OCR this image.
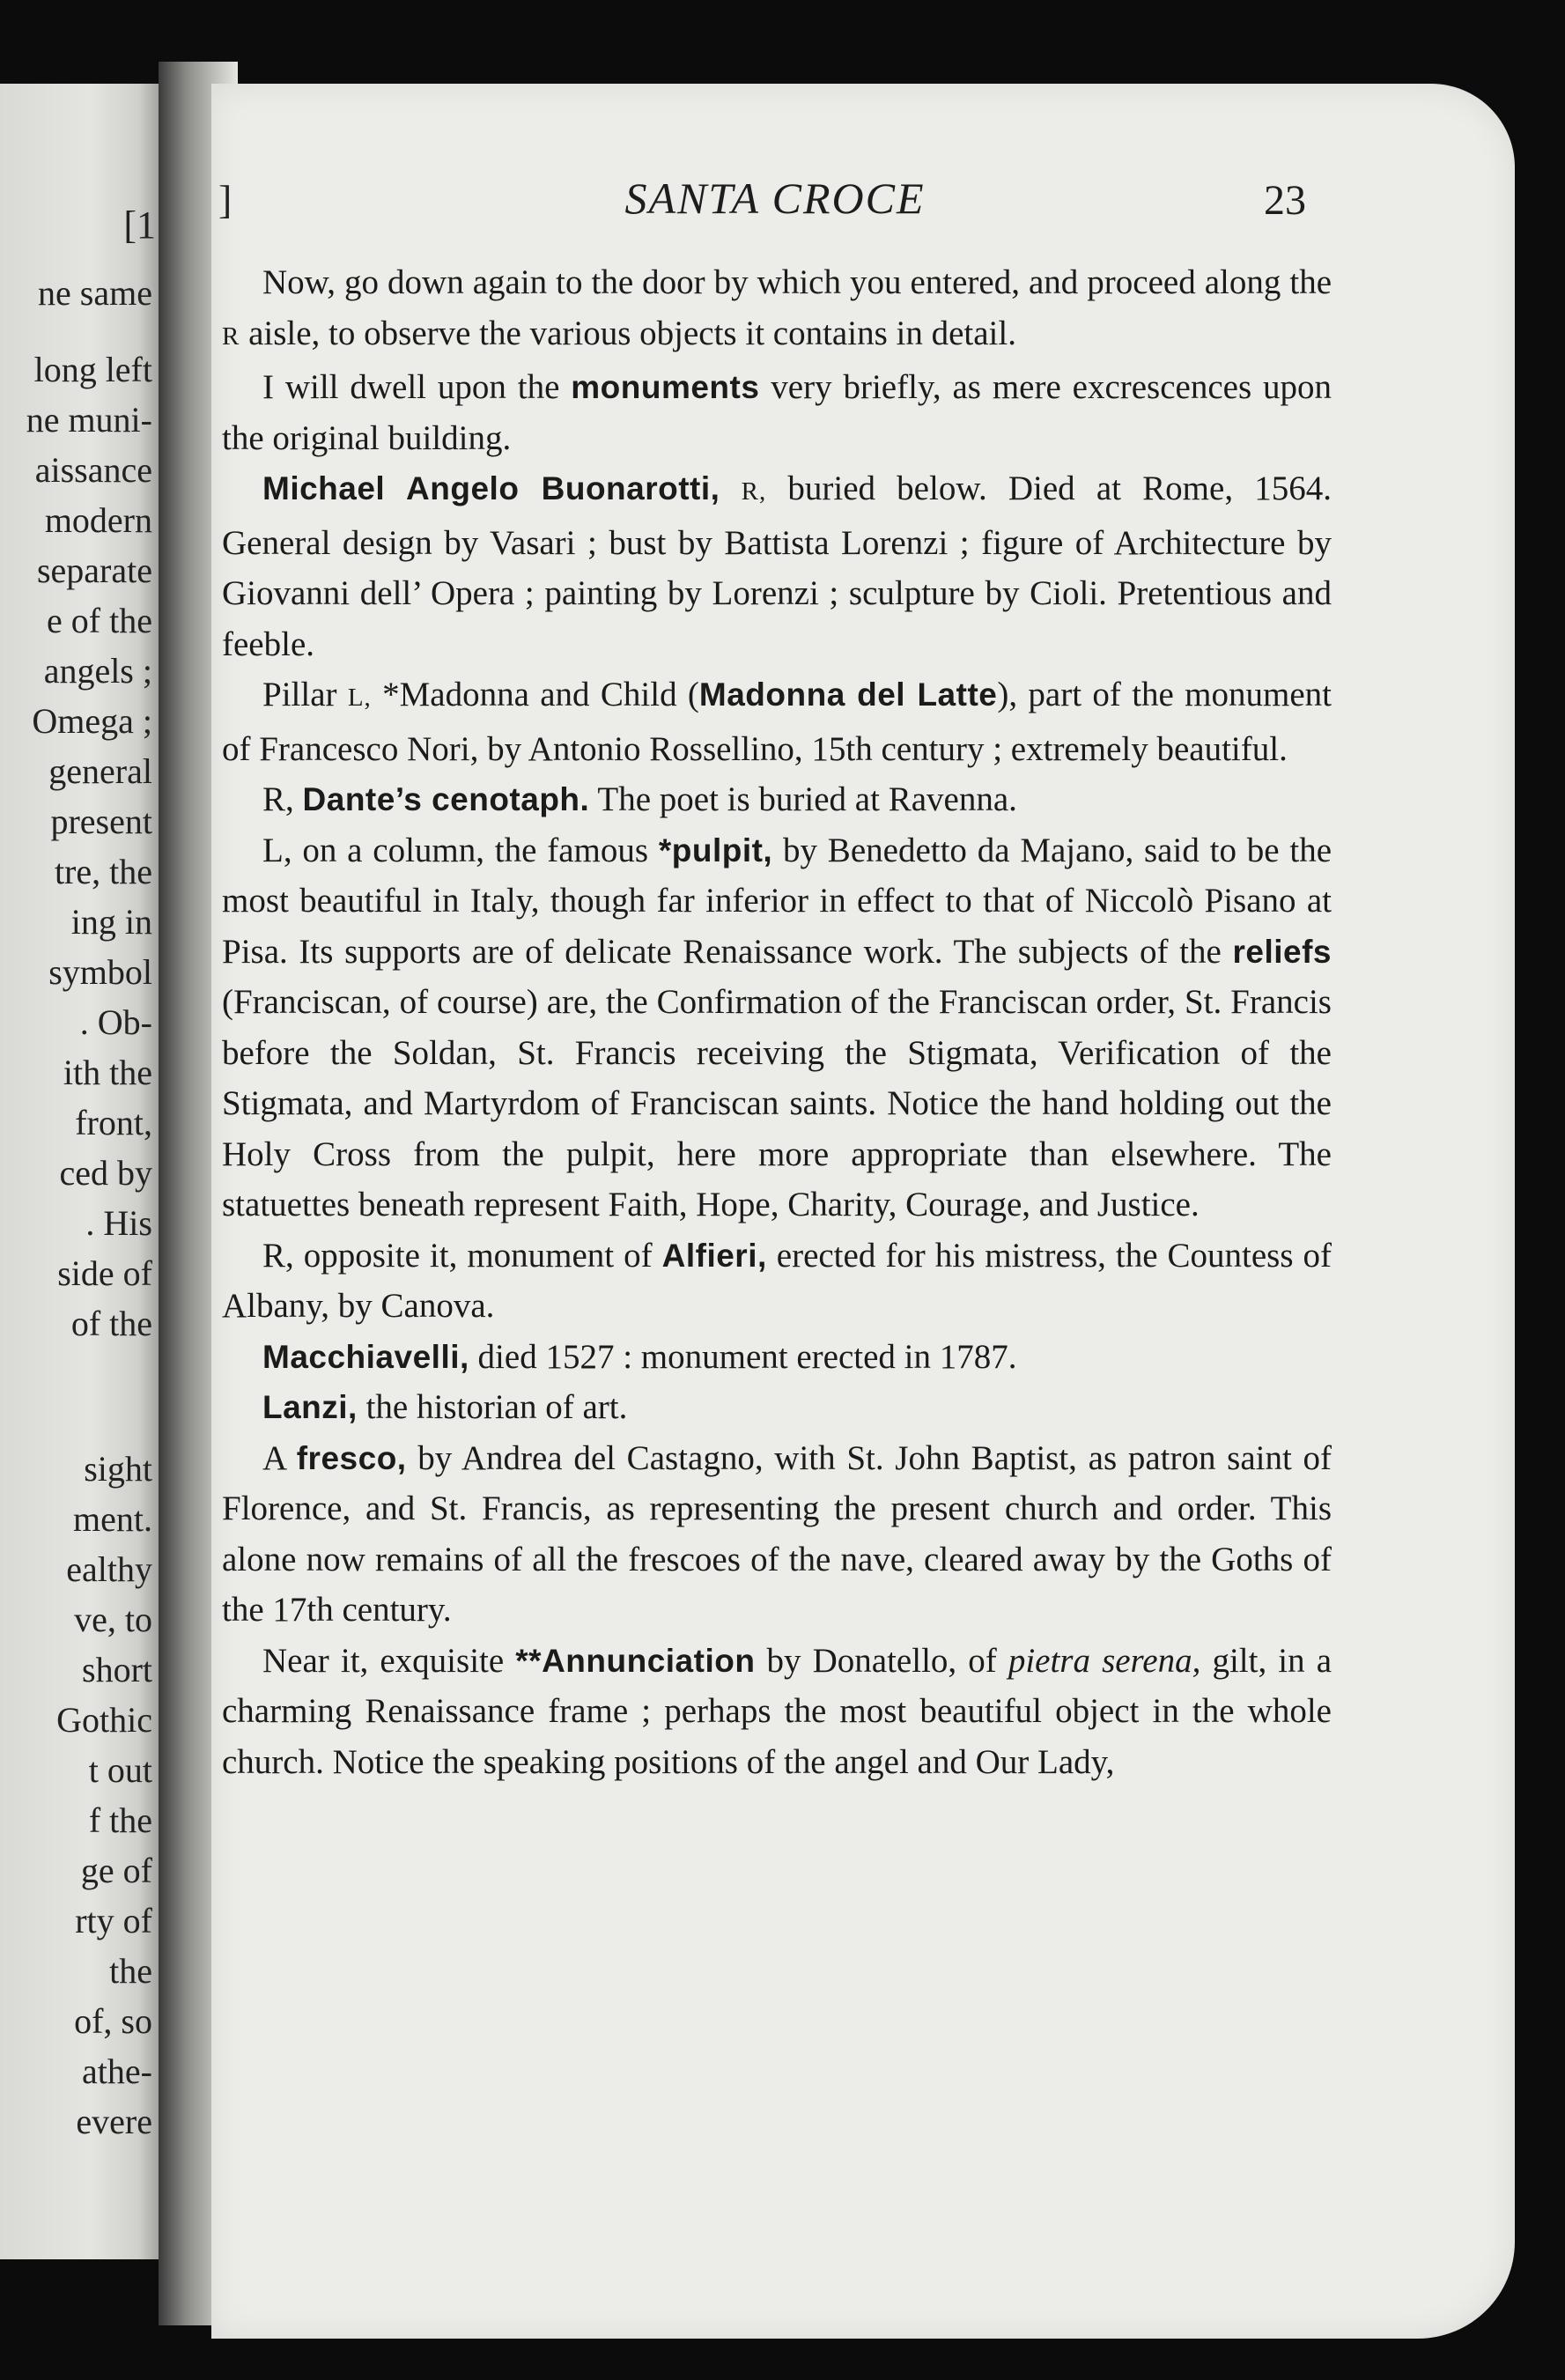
[1
ne same
long left
ne muni-
aissance
modern
separate
e of the
angels ;
Omega ;
general
present
tre, the
ing in
symbol
. Ob-
ith the
front,
ced by
. His
side of
of the
sight
ment.
ealthy
ve, to
short
Gothic
t out
f the
ge of
rty of
the
of, so
athe-
evere
]	SANTA CROCE	23

Now, go down again to the door by which you entered, and proceed along the R aisle, to observe the various objects it contains in detail.

I will dwell upon the monuments very briefly, as mere excrescences upon the original building.

Michael Angelo Buonarotti, R, buried below. Died at Rome, 1564. General design by Vasari ; bust by Battista Lorenzi ; figure of Architecture by Giovanni dell’ Opera ; painting by Lorenzi ; sculpture by Cioli. Pretentious and feeble.

Pillar L, *Madonna and Child (Madonna del Latte), part of the monument of Francesco Nori, by Antonio Rossellino, 15th century ; extremely beautiful.

R, Dante’s cenotaph. The poet is buried at Ravenna.

L, on a column, the famous *pulpit, by Benedetto da Majano, said to be the most beautiful in Italy, though far inferior in effect to that of Niccolò Pisano at Pisa. Its supports are of delicate Renaissance work. The subjects of the reliefs (Franciscan, of course) are, the Confirmation of the Franciscan order, St. Francis before the Soldan, St. Francis receiving the Stigmata, Verification of the Stigmata, and Martyrdom of Franciscan saints. Notice the hand holding out the Holy Cross from the pulpit, here more appropriate than elsewhere. The statuettes beneath represent Faith, Hope, Charity, Courage, and Justice.

R, opposite it, monument of Alfieri, erected for his mistress, the Countess of Albany, by Canova.

Macchiavelli, died 1527 : monument erected in 1787.

Lanzi, the historian of art.

A fresco, by Andrea del Castagno, with St. John Baptist, as patron saint of Florence, and St. Francis, as representing the present church and order. This alone now remains of all the frescoes of the nave, cleared away by the Goths of the 17th century.

Near it, exquisite **Annunciation by Donatello, of pietra serena, gilt, in a charming Renaissance frame ; perhaps the most beautiful object in the whole church. Notice the speaking positions of the angel and Our Lady,
